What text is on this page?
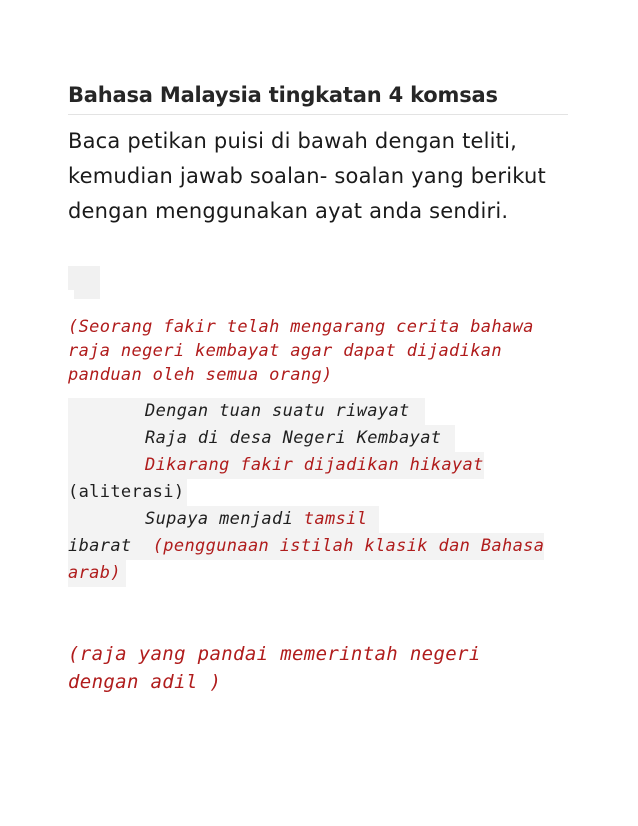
Bahasa Malaysia tingkatan 4 komsas
Baca petikan puisi di bawah dengan teliti, kemudian jawab soalan- soalan yang berikut dengan menggunakan ayat anda sendiri.
(Seorang fakir telah mengarang cerita bahawa raja negeri kembayat agar dapat dijadikan panduan oleh semua orang)
Dengan tuan suatu riwayat
Raja di desa Negeri Kembayat
Dikarang fakir dijadikan hikayat
(aliterasi)
Supaya menjadi tamsil
ibarat (penggunaan istilah klasik dan Bahasa
arab)
(raja yang pandai memerintah negeri dengan adil )
